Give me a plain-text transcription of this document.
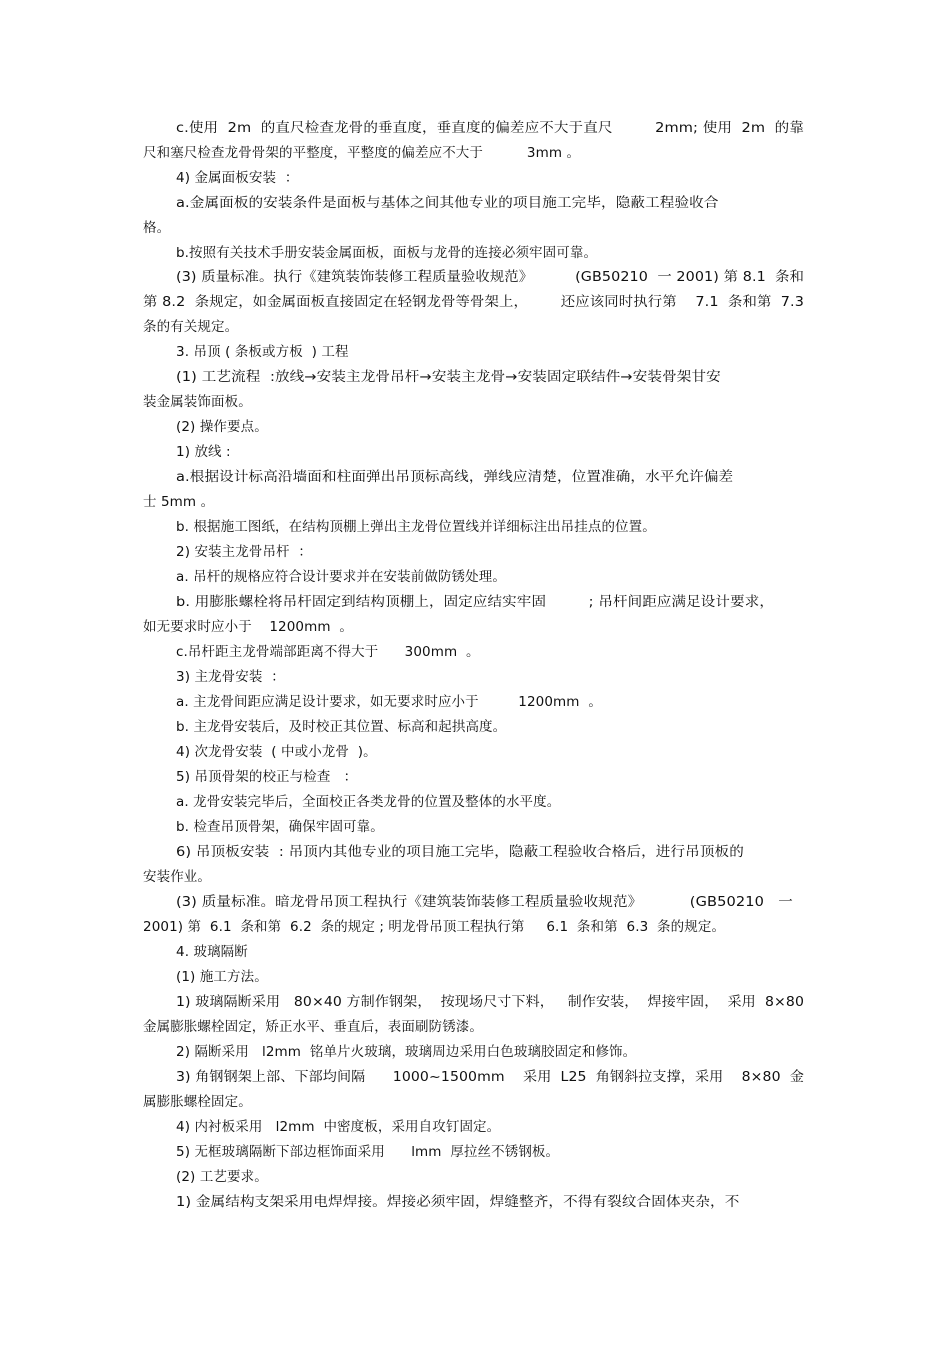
c.使用  2m  的直尺检查龙骨的垂直度，垂直度的偏差应不大于直尺         2mm; 使用  2m  的靠
尺和塞尺检查龙骨骨架的平整度，平整度的偏差应不大于          3mm 。
4) 金属面板安装  ：
a.金属面板的安装条件是面板与基体之间其他专业的项目施工完毕，隐蔽工程验收合
格。
b.按照有关技术手册安装金属面板，面板与龙骨的连接必须牢固可靠。
(3) 质量标准。执行《建筑装饰装修工程质量验收规范》         (GB50210  一 2001) 第 8.1  条和
第 8.2  条规定，如金属面板直接固定在轻钢龙骨等骨架上，       还应该同时执行第    7.1  条和第  7.3
条的有关规定。
3. 吊顶 ( 条板或方板  ) 工程
(1) 工艺流程  :放线→安装主龙骨吊杆→安装主龙骨→安装固定联结件→安装骨架甘安
装金属装饰面板。
(2) 操作要点。
1) 放线 :
a.根据设计标高沿墙面和柱面弹出吊顶标高线，弹线应清楚，位置准确，水平允许偏差
士 5mm 。
b. 根据施工图纸，在结构顶棚上弹出主龙骨位置线并详细标注出吊挂点的位置。
2) 安装主龙骨吊杆  ：
a. 吊杆的规格应符合设计要求并在安装前做防锈处理。
b. 用膨胀螺栓将吊杆固定到结构顶棚上，固定应结实牢固         ; 吊杆间距应满足设计要求，
如无要求时应小于    1200mm  。
c.吊杆距主龙骨端部距离不得大于      300mm  。
3) 主龙骨安装  ：
a. 主龙骨间距应满足设计要求，如无要求时应小于         1200mm  。
b. 主龙骨安装后，及时校正其位置、标高和起拱高度。
4) 次龙骨安装  ( 中或小龙骨  )。
5) 吊顶骨架的校正与检查   ：
a. 龙骨安装完毕后，全面校正各类龙骨的位置及整体的水平度。
b. 检查吊顶骨架，确保牢固可靠。
6) 吊顶板安装  : 吊顶内其他专业的项目施工完毕，隐蔽工程验收合格后，进行吊顶板的
安装作业。
(3) 质量标准。暗龙骨吊顶工程执行《建筑装饰装修工程质量验收规范》          (GB50210   一
2001) 第  6.1  条和第  6.2  条的规定 ; 明龙骨吊顶工程执行第     6.1  条和第  6.3  条的规定。
4. 玻璃隔断
(1) 施工方法。
1) 玻璃隔断采用   80×40 方制作钢架，  按现场尺寸下料，   制作安装，  焊接牢固，  采用  8×80
金属膨胀螺栓固定，矫正水平、垂直后，表面刷防锈漆。
2) 隔断采用   l2mm  铭单片火玻璃，玻璃周边采用白色玻璃胶固定和修饰。
3) 角钢钢架上部、下部均间隔      1000~1500mm    采用  L25  角钢斜拉支撑，采用    8×80  金
属膨胀螺栓固定。
4) 内衬板采用   l2mm  中密度板，采用自攻钉固定。
5) 无框玻璃隔断下部边框饰面采用      lmm  厚拉丝不锈钢板。
(2) 工艺要求。
1) 金属结构支架采用电焊焊接。焊接必须牢固，焊缝整齐，不得有裂纹合固体夹杂，不
